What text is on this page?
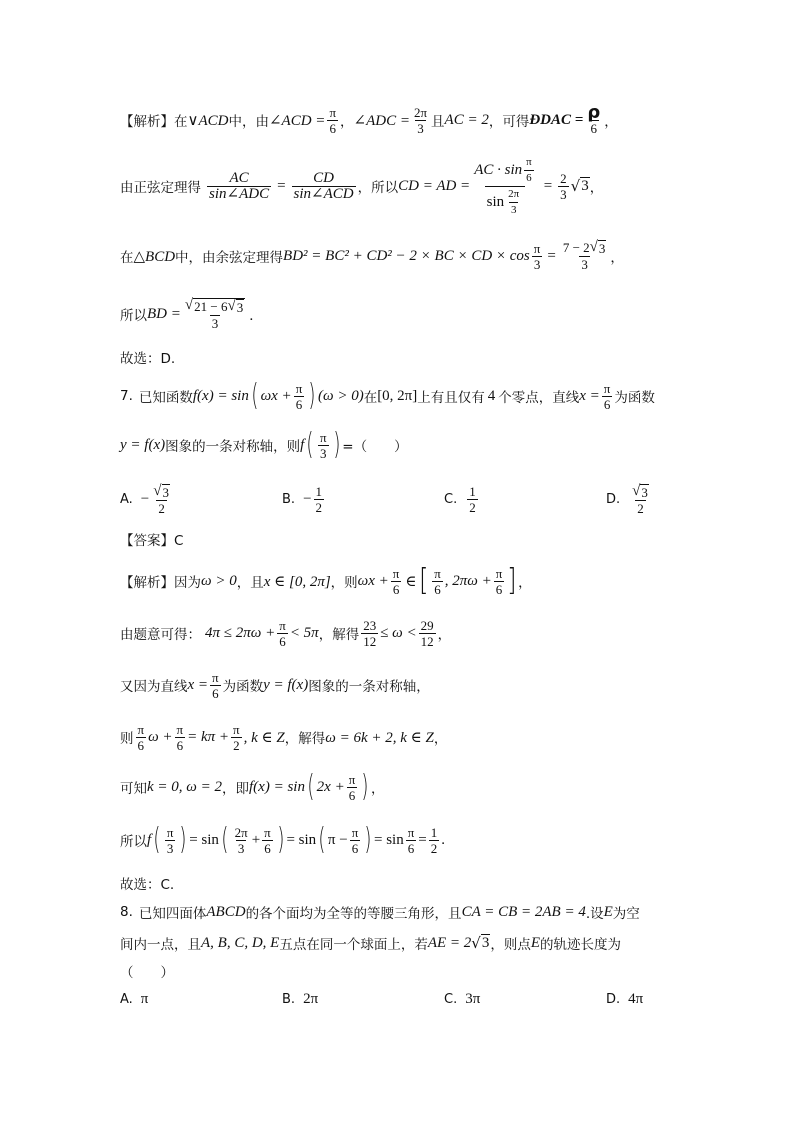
【解析】 在 ∨ACD 中，由 ∠ACD = $\frac{\pi}{6}$ ， ∠ADC = $\frac{2\pi}{3}$ 且 AC = 2 ，可得 ĐDAC = $\frac{\rho}{6}$ ，
由正弦定理得 $\frac{AC}{\text{sin∠ADC}} = \frac{CD}{\text{sin∠ACD}}$ ，所以 CD = AD = $\frac{AC \cdot \sin \frac{\pi}{6}}{\sin \frac{2\pi}{3}} = \frac{2}{3}$ √ 3 ，
在 △BCD 中，由余弦定理得 BD² = BC² + CD² − 2 × BC × CD × $\cos \frac{\pi}{3} = \frac{7 - 2 √ 3}{3}$ ，
所以 BD = $\frac{√ 21 - 6 √ 3}{3}$ ．
故选：D.
7. 已知函数 f(x) = sin ( $\omega x + \frac{\pi}{6}$ ) (ω > 0) 在 [0, 2π] 上有且仅有 4 个零点，直线 $x = \frac{\pi}{6}$ 为函数
y = f(x) 图象的一条对称轴，则 f ( $\frac{\pi}{3}$ ) =（　　）
A. − $\frac{√ 3}{2}$	B. − $\frac{1}{2}$	C. $\frac{1}{2}$	D. $\frac{√ 3}{2}$
【答案】C
【解析】 因为 ω > 0 ，且 x ∈ [0, 2π] ，则 $\omega x + \frac{\pi}{6}$ ∈ [ $\frac{\pi}{6}$ , $2\pi\omega + \frac{\pi}{6}$ ] ，
由题意可得： $4\pi \le 2\pi\omega + \frac{\pi}{6} < 5\pi$ ，解得 $\frac{23}{12} \le \omega < \frac{29}{12}$ ，
又因为直线 $x = \frac{\pi}{6}$ 为函数 y = f(x) 图象的一条对称轴，
则 $\frac{\pi}{6}$ $\omega + \frac{\pi}{6} = k\pi + \frac{\pi}{2}$ , k ∈ Z ，解得 ω = 6k + 2, k ∈ Z ，
可知 k = 0, ω = 2 ，即 f(x) = sin ( $2x + \frac{\pi}{6}$ ) ，
所以 f ( $\frac{\pi}{3}$ ) = sin ( $\frac{2\pi}{3} + \frac{\pi}{6}$ ) = sin ( $\pi - \frac{\pi}{6}$ ) = $\sin \frac{\pi}{6} = \frac{1}{2}$ .
故选：C.
8. 已知四面体 ABCD 的各个面均为全等的等腰三角形，且 CA = CB = 2AB = 4 .设 E 为空
间内一点，且 A, B, C, D, E 五点在同一个球面上，若 AE = 2 √ 3 ，则点 E 的轨迹长度为
（　　）
A. π	B. 2π	C. 3π	D. 4π
